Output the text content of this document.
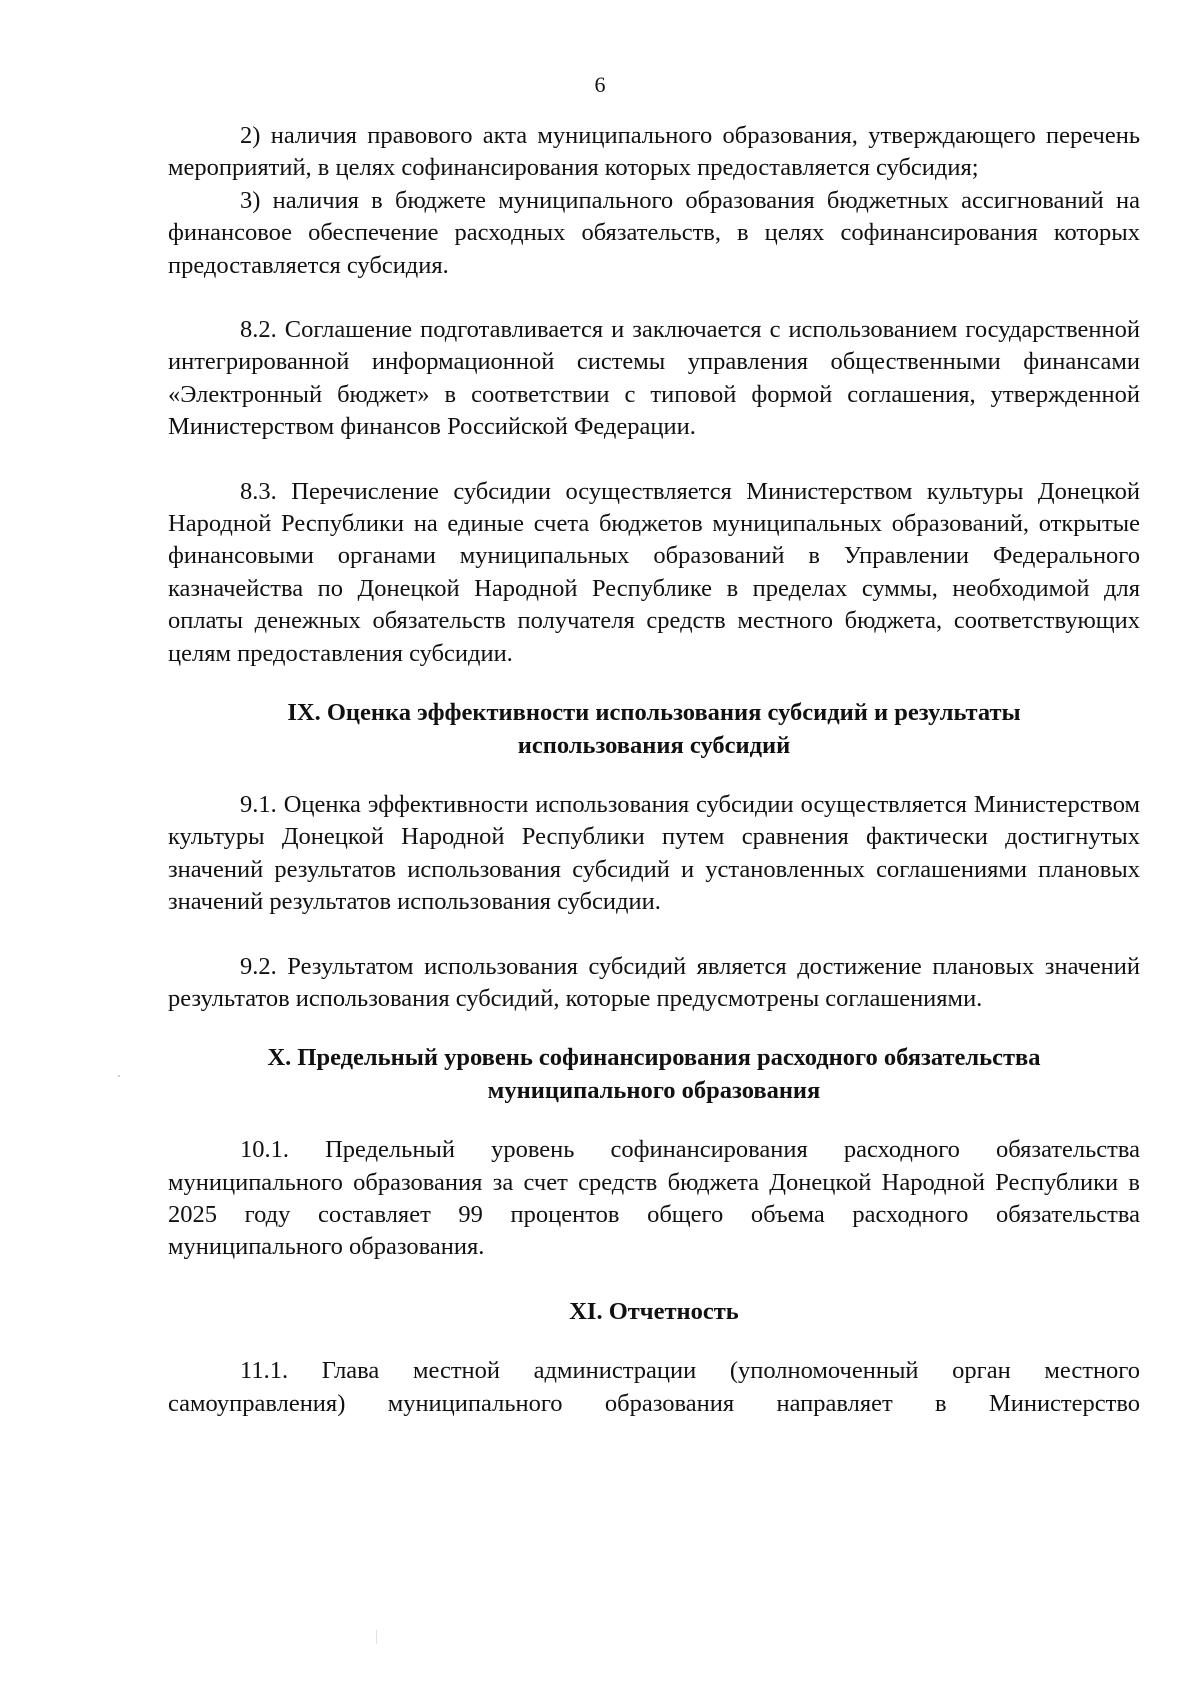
6

2) наличия правового акта муниципального образования, утверждающего перечень мероприятий, в целях софинансирования которых предоставляется субсидия;

3) наличия в бюджете муниципального образования бюджетных ассигнований на финансовое обеспечение расходных обязательств, в целях софинансирования которых предоставляется субсидия.

8.2. Соглашение подготавливается и заключается с использованием государственной интегрированной информационной системы управления общественными финансами «Электронный бюджет» в соответствии с типовой формой соглашения, утвержденной Министерством финансов Российской Федерации.

8.3. Перечисление субсидии осуществляется Министерством культуры Донецкой Народной Республики на единые счета бюджетов муниципальных образований, открытые финансовыми органами муниципальных образований в Управлении Федерального казначейства по Донецкой Народной Республике в пределах суммы, необходимой для оплаты денежных обязательств получателя средств местного бюджета, соответствующих целям предоставления субсидии.

IX. Оценка эффективности использования субсидий и результаты
использования субсидий

9.1. Оценка эффективности использования субсидии осуществляется Министерством культуры Донецкой Народной Республики путем сравнения фактически достигнутых значений результатов использования субсидий и установленных соглашениями плановых значений результатов использования субсидии.

9.2. Результатом использования субсидий является достижение плановых значений результатов использования субсидий, которые предусмотрены соглашениями.

X. Предельный уровень софинансирования расходного обязательства
муниципального образования

10.1. Предельный уровень софинансирования расходного обязательства муниципального образования за счет средств бюджета Донецкой Народной Республики в 2025 году составляет 99 процентов общего объема расходного обязательства муниципального образования.

XI. Отчетность

11.1. Глава местной администрации (уполномоченный орган местного самоуправления) муниципального образования направляет в Министерство
